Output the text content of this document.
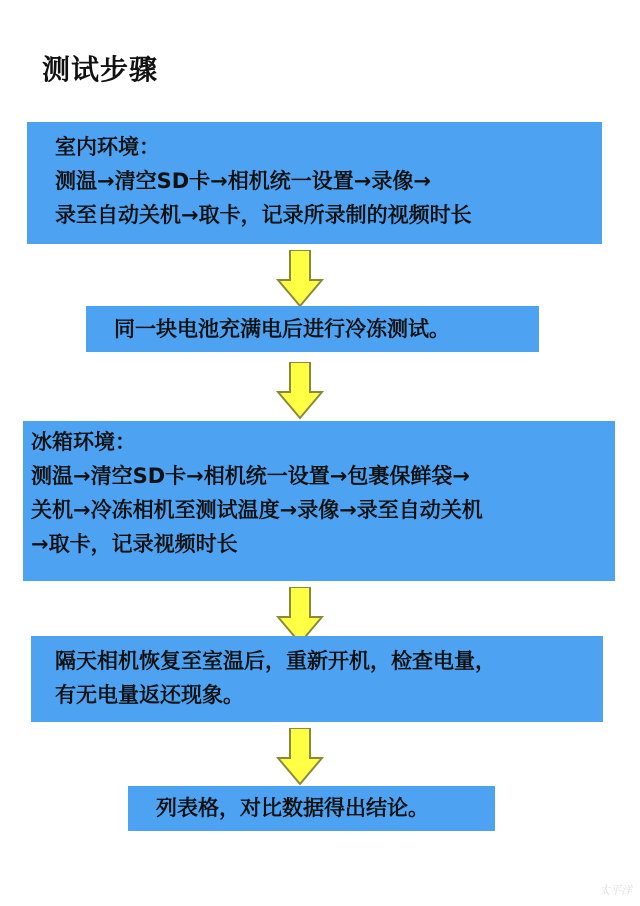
测试步骤
室内环境：
测温→清空SD卡→相机统一设置→录像→
录至自动关机→取卡，记录所录制的视频时长
同一块电池充满电后进行冷冻测试。
冰箱环境：
测温→清空SD卡→相机统一设置→包裹保鲜袋→
关机→冷冻相机至测试温度→录像→录至自动关机
→取卡，记录视频时长
隔天相机恢复至室温后，重新开机，检查电量，
有无电量返还现象。
列表格，对比数据得出结论。
太平洋
